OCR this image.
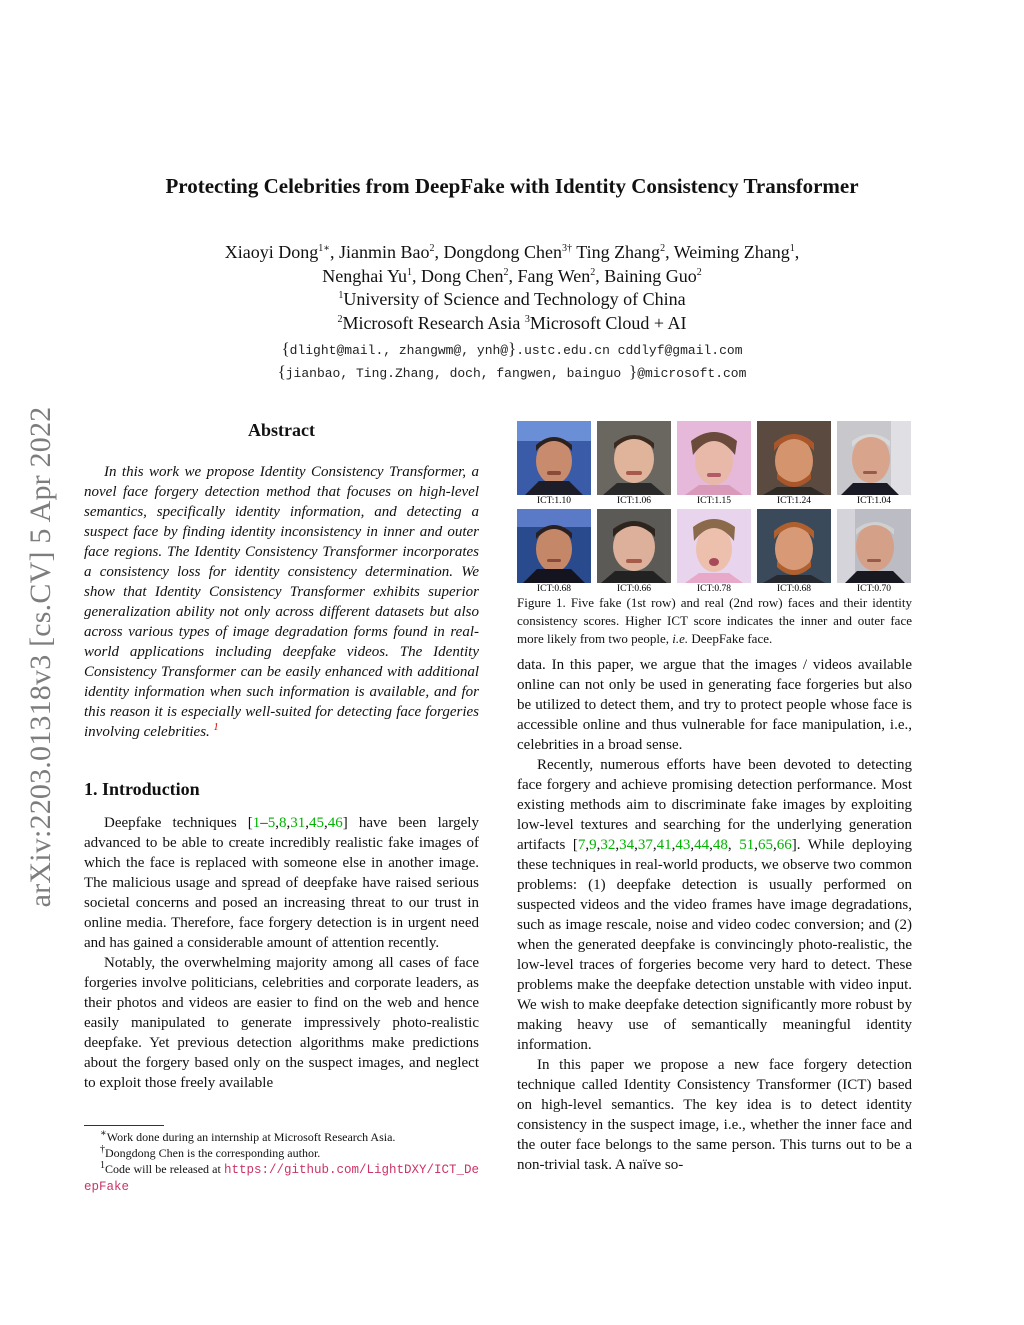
arXiv:2203.01318v3 [cs.CV] 5 Apr 2022
Protecting Celebrities from DeepFake with Identity Consistency Transformer
Xiaoyi Dong$^{1∗}$, Jianmin Bao$^2$, Dongdong Chen$^{3\dagger}$ Ting Zhang$^2$, Weiming Zhang$^1$,
Nenghai Yu$^1$, Dong Chen$^2$, Fang Wen$^2$, Baining Guo$^2$
$^1$University of Science and Technology of China
$^2$Microsoft Research Asia $^3$Microsoft Cloud + AI
{dlight@mail., zhangwm@, ynh@}.ustc.edu.cn cddlyf@gmail.com
{jianbao, Ting.Zhang, doch, fangwen, bainguo }@microsoft.com
Abstract

In this work we propose Identity Consistency Transformer, a novel face forgery detection method that focuses on high-level semantics, specifically identity information, and detecting a suspect face by finding identity inconsistency in inner and outer face regions. The Identity Consistency Transformer incorporates a consistency loss for identity consistency determination. We show that Identity Consistency Transformer exhibits superior generalization ability not only across different datasets but also across various types of image degradation forms found in real-world applications including deepfake videos. The Identity Consistency Transformer can be easily enhanced with additional identity information when such information is available, and for this reason it is especially well-suited for detecting face forgeries involving celebrities. $^1$

1. Introduction

Deepfake techniques [1–5,8,31,45,46] have been largely advanced to be able to create incredibly realistic fake images of which the face is replaced with someone else in another image. The malicious usage and spread of deepfake have raised serious societal concerns and posed an increasing threat to our trust in online media. Therefore, face forgery detection is in urgent need and has gained a considerable amount of attention recently.

Notably, the overwhelming majority among all cases of face forgeries involve politicians, celebrities and corporate leaders, as their photos and videos are easier to find on the web and hence easily manipulated to generate impressively photo-realistic deepfake. Yet previous detection algorithms make predictions about the forgery based only on the suspect images, and neglect to exploit those freely available

∗Work done during an internship at Microsoft Research Asia.
†Dongdong Chen is the corresponding author.
$^1$Code will be released at https://github.com/LightDXY/ICT_DeepFake
ICT:1.10	ICT:1.06	ICT:1.15	ICT:1.24	ICT:1.04
ICT:0.68	ICT:0.66	ICT:0.78	ICT:0.68	ICT:0.70
Figure 1. Five fake (1st row) and real (2nd row) faces and their identity consistency scores. Higher ICT score indicates the inner and outer face more likely from two people, i.e. DeepFake face.

data. In this paper, we argue that the images / videos available online can not only be used in generating face forgeries but also be utilized to detect them, and try to protect people whose face is accessible online and thus vulnerable for face manipulation, i.e., celebrities in a broad sense.

Recently, numerous efforts have been devoted to detecting face forgery and achieve promising detection performance. Most existing methods aim to discriminate fake images by exploiting low-level textures and searching for the underlying generation artifacts [7,9,32,34,37,41,43,44,48, 51,65,66]. While deploying these techniques in real-world products, we observe two common problems: (1) deepfake detection is usually performed on suspected videos and the video frames have image degradations, such as image rescale, noise and video codec conversion; and (2) when the generated deepfake is convincingly photo-realistic, the low-level traces of forgeries become very hard to detect. These problems make the deepfake detection unstable with video input. We wish to make deepfake detection significantly more robust by making heavy use of semantically meaningful identity information.

In this paper we propose a new face forgery detection technique called Identity Consistency Transformer (ICT) based on high-level semantics. The key idea is to detect identity consistency in the suspect image, i.e., whether the inner face and the outer face belongs to the same person. This turns out to be a non-trivial task. A naïve so-
